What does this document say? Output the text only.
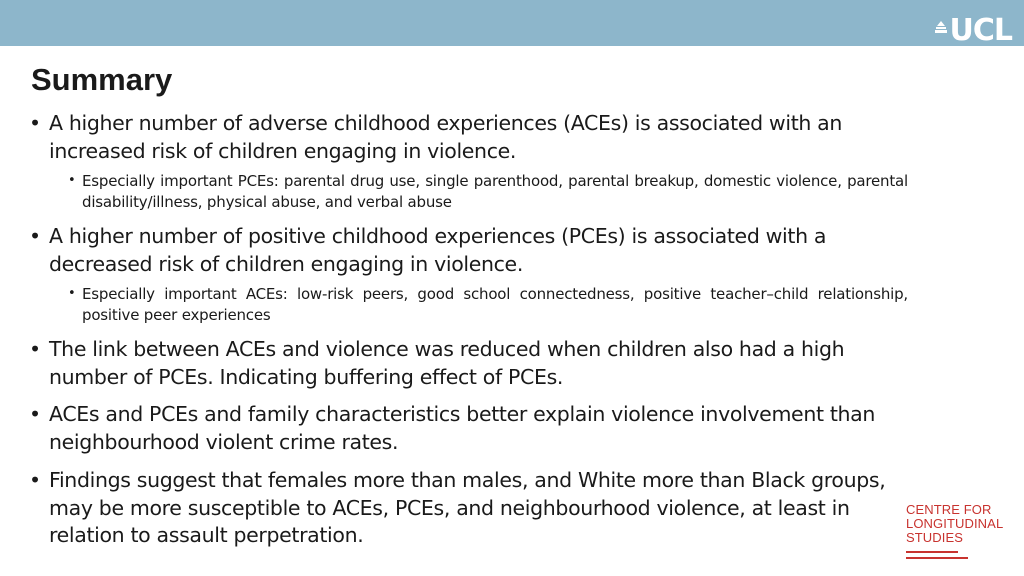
UCL
Summary
• A higher number of adverse childhood experiences (ACEs) is associated with an increased risk of children engaging in violence.
• Especially important PCEs: parental drug use, single parenthood, parental breakup, domestic violence, parental disability/illness, physical abuse, and verbal abuse
• A higher number of positive childhood experiences (PCEs) is associated with a decreased risk of children engaging in violence.
• Especially important ACEs: low-risk peers, good school connectedness, positive teacher–child relationship, positive peer experiences
• The link between ACEs and violence was reduced when children also had a high number of PCEs. Indicating buffering effect of PCEs.
• ACEs and PCEs and family characteristics better explain violence involvement than neighbourhood violent crime rates.
• Findings suggest that females more than males, and White more than Black groups, may be more susceptible to ACEs, PCEs, and neighbourhood violence, at least in relation to assault perpetration.
CENTRE FOR
LONGITUDINAL
STUDIES
